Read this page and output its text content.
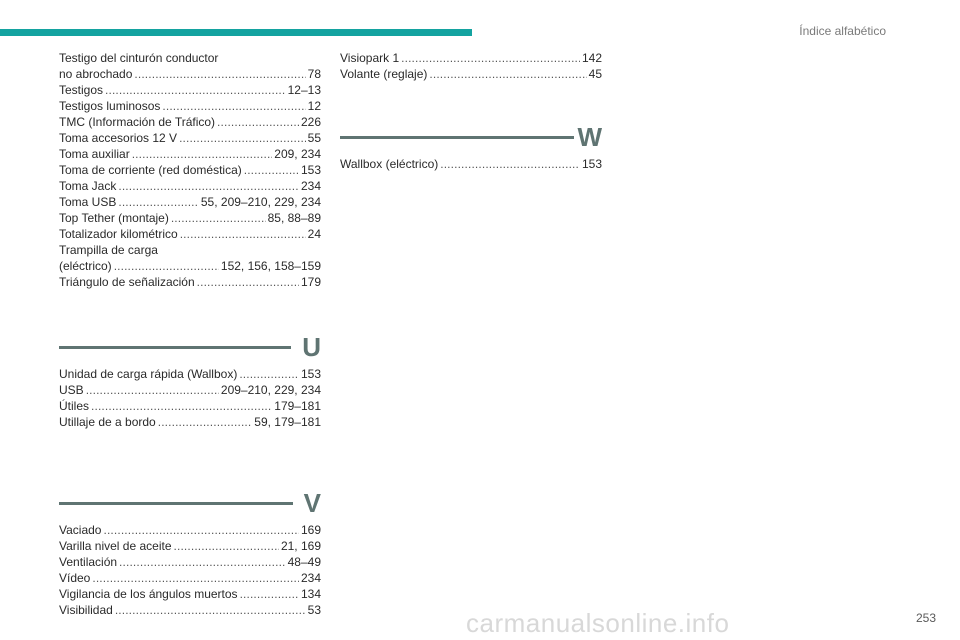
Índice alfabético
Testigo del cinturón conductor
no abrochado . . .	78
Testigos . . .	12–13
Testigos luminosos . . .	12
TMC (Información de Tráfico) . . .	226
Toma accesorios 12 V . . .	55
Toma auxiliar . . .	209, 234
Toma de corriente (red doméstica) . . .	153
Toma Jack . . .	234
Toma USB . . .	55, 209–210, 229, 234
Top Tether (montaje) . . .	85, 88–89
Totalizador kilométrico . . .	24
Trampilla de carga
(eléctrico) . . .	152, 156, 158–159
Triángulo de señalización . . .	179
U
Unidad de carga rápida (Wallbox) . . .	153
USB . . .	209–210, 229, 234
Útiles . . .	179–181
Utillaje de a bordo . . .	59, 179–181
V
Vaciado . . .	169
Varilla nivel de aceite . . .	21, 169
Ventilación . . .	48–49
Vídeo . . .	234
Vigilancia de los ángulos muertos . . .	134
Visibilidad . . .	53
Visiopark 1 . . .	142
Volante (reglaje) . . .	45
W
Wallbox (eléctrico) . . .	153
carmanualsonline.info	253
